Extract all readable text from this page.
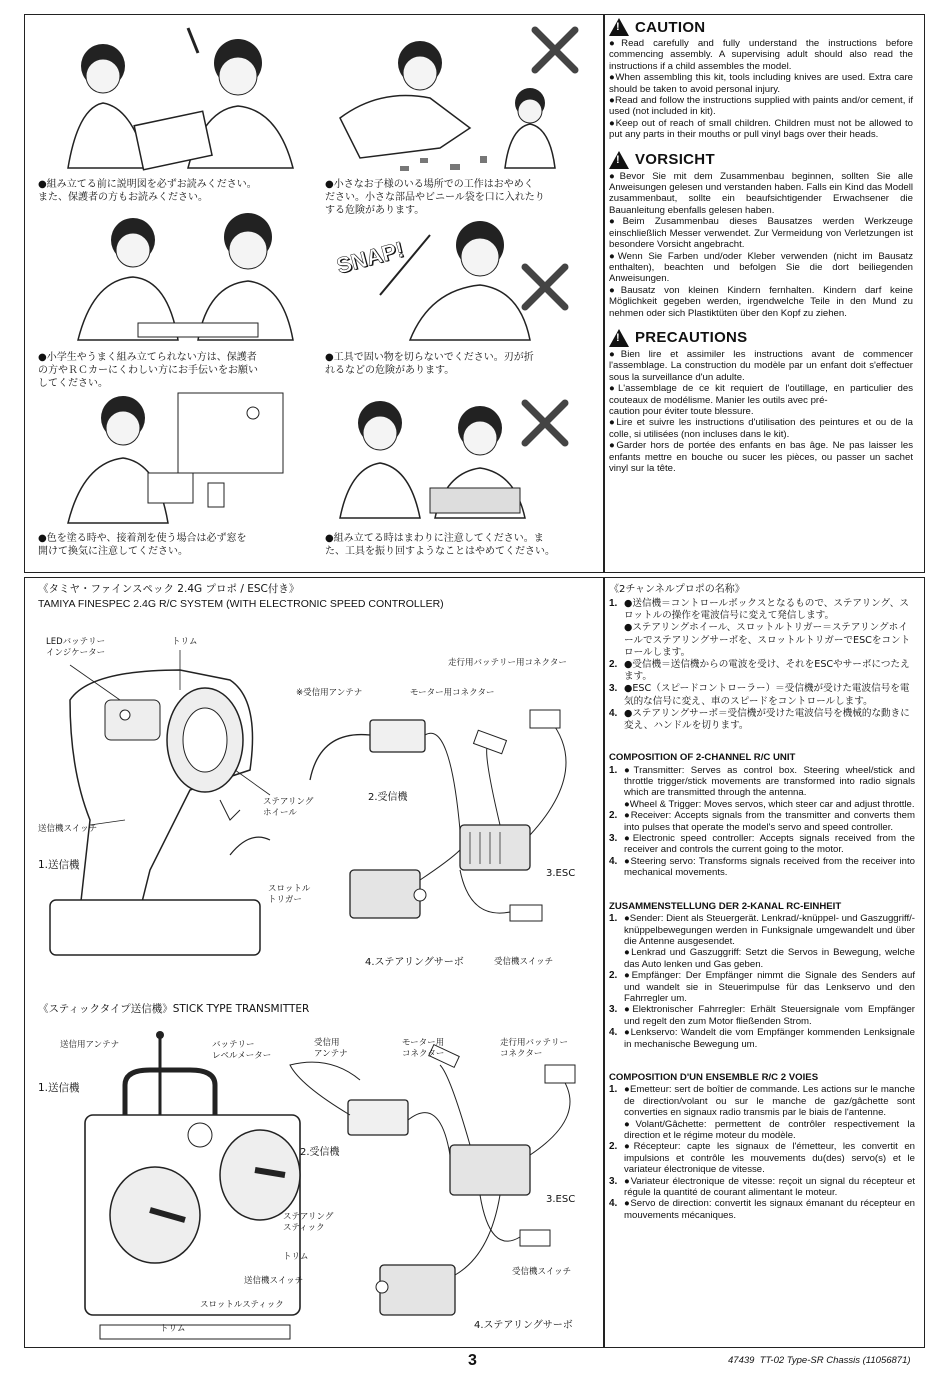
SNAP!
●組み立てる前に説明図を必ずお読みください。
また、保護者の方もお読みください。
●小学生やうまく組み立てられない方は、保護者
の方やＲＣカーにくわしい方にお手伝いをお願い
してください。
●色を塗る時や、接着剤を使う場合は必ず窓を
開けて換気に注意してください。
●小さなお子様のいる場所での工作はおやめく
ださい。小さな部品やビニール袋を口に入れたり
する危険があります。
●工具で固い物を切らないでください。刃が折
れるなどの危険があります。
●組み立てる時はまわりに注意してください。ま
た、工具を振り回すようなことはやめてください。
!
CAUTION

●Read carefully and fully understand the instructions before commencing assembly. A supervising adult should also read the instructions if a child assembles the model.

●When assembling this kit, tools including knives are used. Extra care should be taken to avoid personal injury.

●Read and follow the instructions supplied with paints and/or cement, if used (not included in kit).

●Keep out of reach of small children. Children must not be allowed to put any parts in their mouths or pull vinyl bags over their heads.

!
VORSICHT

●Bevor Sie mit dem Zusammenbau beginnen, sollten Sie alle Anweisungen gelesen und verstanden haben. Falls ein Kind das Modell zusammenbaut, sollte ein beaufsichtigender Erwachsener die Bauanleitung ebenfalls gelesen haben.

●Beim Zusammenbau dieses Bausatzes werden Werkzeuge einschließlich Messer verwendet. Zur Vermeidung von Verletzungen ist besondere Vorsicht angebracht.

●Wenn Sie Farben und/oder Kleber verwenden (nicht im Bausatz enthalten), beachten und befolgen Sie die dort beiliegenden Anweisungen.

●Bausatz von kleinen Kindern fernhalten. Kindern darf keine Möglichkeit gegeben werden, irgendwelche Teile in den Mund zu nehmen oder sich Plastiktüten über den Kopf zu ziehen.

!
PRECAUTIONS

●Bien lire et assimiler les instructions avant de commencer l'assemblage. La construction du modèle par un enfant doit s'effectuer sous la surveillance d'un adulte.

●L'assemblage de ce kit requiert de l'outillage, en particulier des couteaux de modélisme. Manier les outils avec pré-
caution pour éviter toute blessure.

●Lire et suivre les instructions d'utilisation des peintures et ou de la colle, si utilisées (non incluses dans le kit).

●Garder hors de portée des enfants en bas âge. Ne pas laisser les enfants mettre en bouche ou sucer les pièces, ou passer un sachet vinyl sur la tête.

《タミヤ・ファインスペック 2.4G プロポ / ESC付き》
TAMIYA FINESPEC 2.4G R/C SYSTEM (WITH ELECTRONIC SPEED CONTROLLER)
LEDバッテリー
インジケーター
トリム
走行用バッテリー用コネクター
※受信用アンテナ	モーター用コネクター
ステアリング
ホイール
2.受信機
送信機スイッチ
1.送信機
3.ESC
スロットル
トリガー
4.ステアリングサーボ	受信機スイッチ
《スティックタイプ送信機》STICK TYPE TRANSMITTER
送信用アンテナ	バッテリー
レベルメーター
受信用
アンテナ
モーター用
コネクター
走行用バッテリー
コネクター
1.送信機
2.受信機
3.ESC
ステアリング
スティック
トリム
受信機スイッチ
送信機スイッチ
スロットルスティック
トリム	4.ステアリングサーボ
《2チャンネルプロポの名称》
1. ●送信機＝コントロールボックスとなるもので、ステアリング、スロットルの操作を電波信号に変えて発信します。
●ステアリングホイール、スロットルトリガー＝ステアリングホイールでステアリングサーボを、スロットルトリガーでESCをコントロールします。
2. ●受信機＝送信機からの電波を受け、それをESCやサーボにつたえます。
3. ●ESC（スピードコントローラー）＝受信機が受けた電波信号を電気的な信号に変え、車のスピードをコントロールします。
4. ●ステアリングサーボ＝受信機が受けた電波信号を機械的な動きに変え、ハンドルを切ります。

COMPOSITION OF 2-CHANNEL R/C UNIT

1. ●Transmitter: Serves as control box. Steering wheel/stick and throttle trigger/stick movements are transformed into radio signals which are transmitted through the antenna.
●Wheel & Trigger: Moves servos, which steer car and adjust throttle.
2. ●Receiver: Accepts signals from the transmitter and converts them into pulses that operate the model's servo and speed controller.
3. ●Electronic speed controller: Accepts signals received from the receiver and controls the current going to the motor.
4. ●Steering servo: Transforms signals received from the receiver into mechanical movements.

ZUSAMMENSTELLUNG DER 2-KANAL RC-EINHEIT

1. ●Sender: Dient als Steuergerät. Lenkrad/-knüppel- und Gaszuggriff/- knüppelbewegungen werden in Funksignale umgewandelt und über die Antenne ausgesendet.
●Lenkrad und Gaszuggriff: Setzt die Servos in Bewegung, welche das Auto lenken und Gas geben.
2. ●Empfänger: Der Empfänger nimmt die Signale des Senders auf und wandelt sie in Steuerimpulse für das Lenkservo und den Fahrregler um.
3. ●Elektronischer Fahrregler: Erhält Steuersignale vom Empfänger und regelt den zum Motor fließenden Strom.
4. ●Lenkservo: Wandelt die vom Empfänger kommenden Lenksignale in mechanische Bewegung um.

COMPOSITION D'UN ENSEMBLE R/C 2 VOIES

1. ●Emetteur: sert de boîtier de commande. Les actions sur le manche de direction/volant ou sur le manche de gaz/gâchette sont converties en signaux radio transmis par le biais de l'antenne.
●Volant/Gâchette: permettent de contrôler respectivement la direction et le régime moteur du modèle.
2. ●Récepteur: capte les signaux de l'émetteur, les convertit en impulsions et contrôle les mouvements du(des) servo(s) et le variateur électronique de vitesse.
3. ●Variateur électronique de vitesse: reçoit un signal du récepteur et régule la quantité de courant alimentant le moteur.
4. ●Servo de direction: convertit les signaux émanant du récepteur en mouvements mécaniques.
3	47439  TT-02 Type-SR Chassis (11056871)
